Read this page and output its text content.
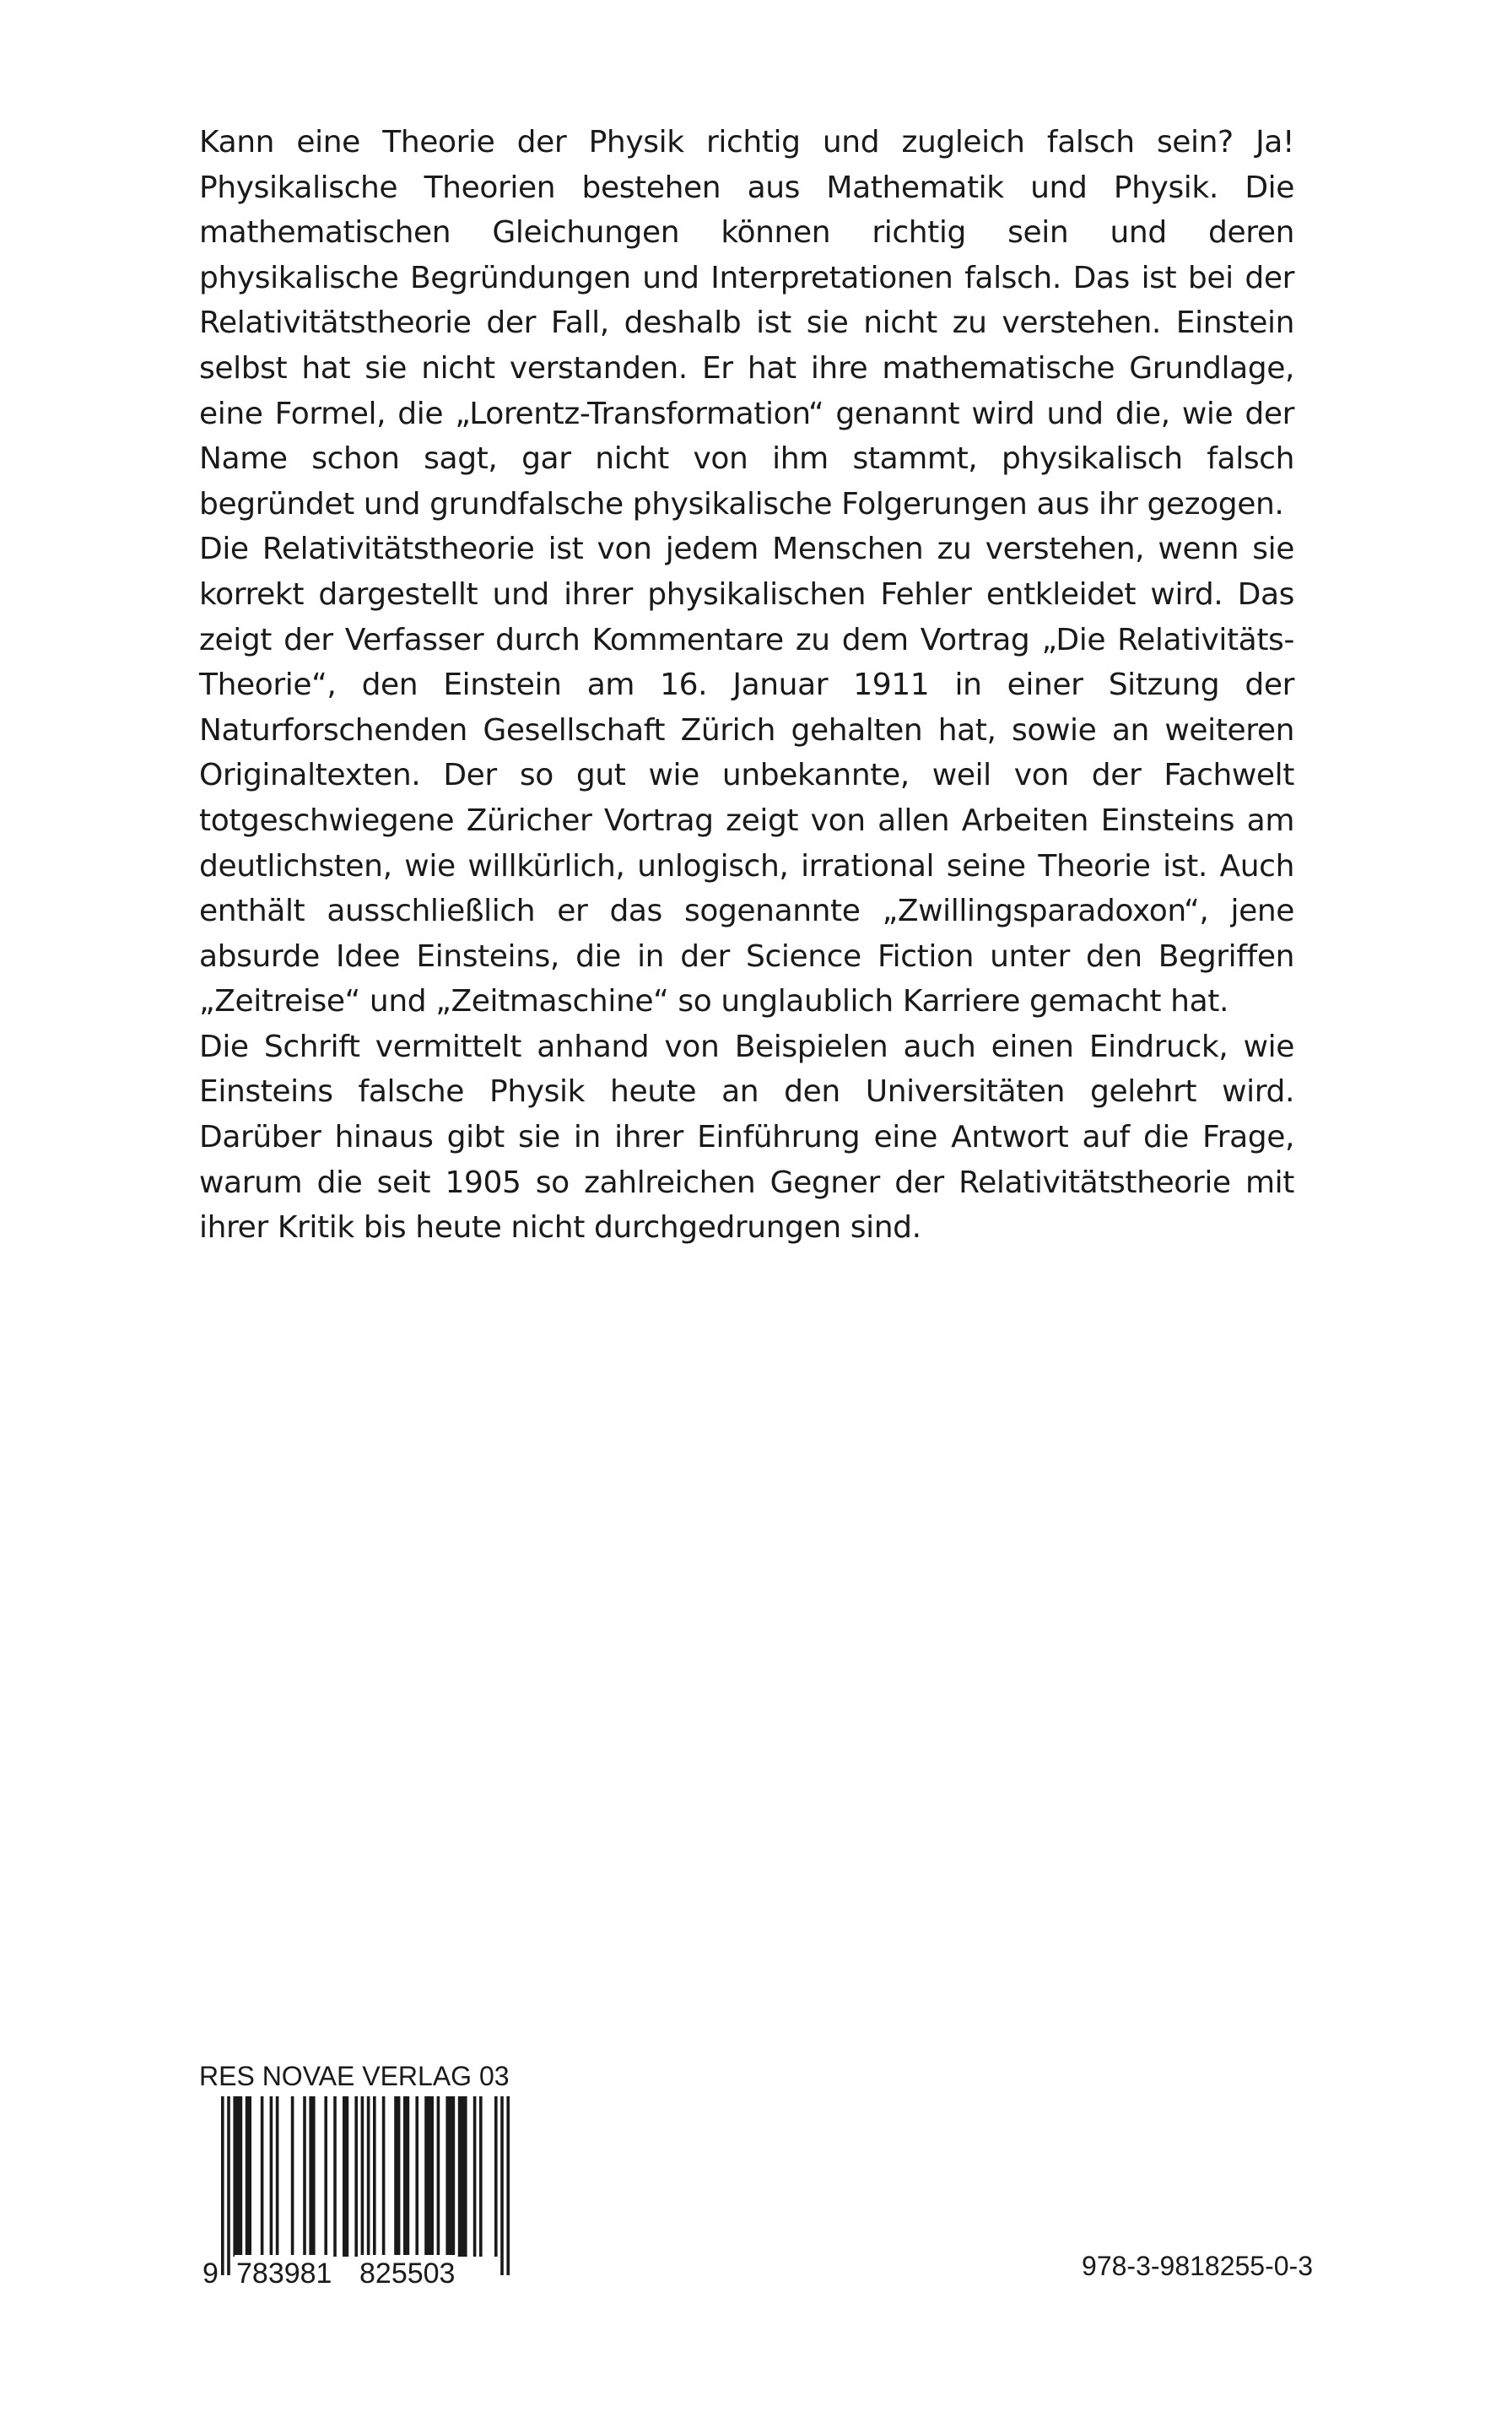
Kann eine Theorie der Physik richtig und zugleich falsch sein? Ja! Physikalische Theorien bestehen aus Mathematik und Physik. Die mathematischen Gleichungen können richtig sein und deren physikalische Begründungen und Interpretationen falsch. Das ist bei der Relativitätstheorie der Fall, deshalb ist sie nicht zu verstehen. Einstein selbst hat sie nicht verstanden. Er hat ihre mathematische Grundlage, eine Formel, die „Lorentz-Transformation“ genannt wird und die, wie der Name schon sagt, gar nicht von ihm stammt, physikalisch falsch begründet und grundfalsche physikalische Folgerungen aus ihr gezogen.

Die Relativitätstheorie ist von jedem Menschen zu verstehen, wenn sie korrekt dargestellt und ihrer physikalischen Fehler entkleidet wird. Das zeigt der Verfasser durch Kommentare zu dem Vortrag „Die Relativitäts-Theorie“, den Einstein am 16. Januar 1911 in einer Sitzung der Naturforschenden Gesellschaft Zürich gehalten hat, sowie an weiteren Originaltexten. Der so gut wie unbekannte, weil von der Fachwelt totgeschwiegene Züricher Vortrag zeigt von allen Arbeiten Einsteins am deutlichsten, wie willkürlich, unlogisch, irrational seine Theorie ist. Auch enthält ausschließlich er das sogenannte „Zwillingsparadoxon“, jene absurde Idee Einsteins, die in der Science Fiction unter den Begriffen „Zeitreise“ und „Zeitmaschine“ so unglaublich Karriere gemacht hat.

Die Schrift vermittelt anhand von Beispielen auch einen Eindruck, wie Einsteins falsche Physik heute an den Universitäten gelehrt wird. Darüber hinaus gibt sie in ihrer Einführung eine Antwort auf die Frage, warum die seit 1905 so zahlreichen Gegner der Relativitätstheorie mit ihrer Kritik bis heute nicht durchgedrungen sind.

RES NOVAE VERLAG 03
9 783981 825503	978-3-9818255-0-3
